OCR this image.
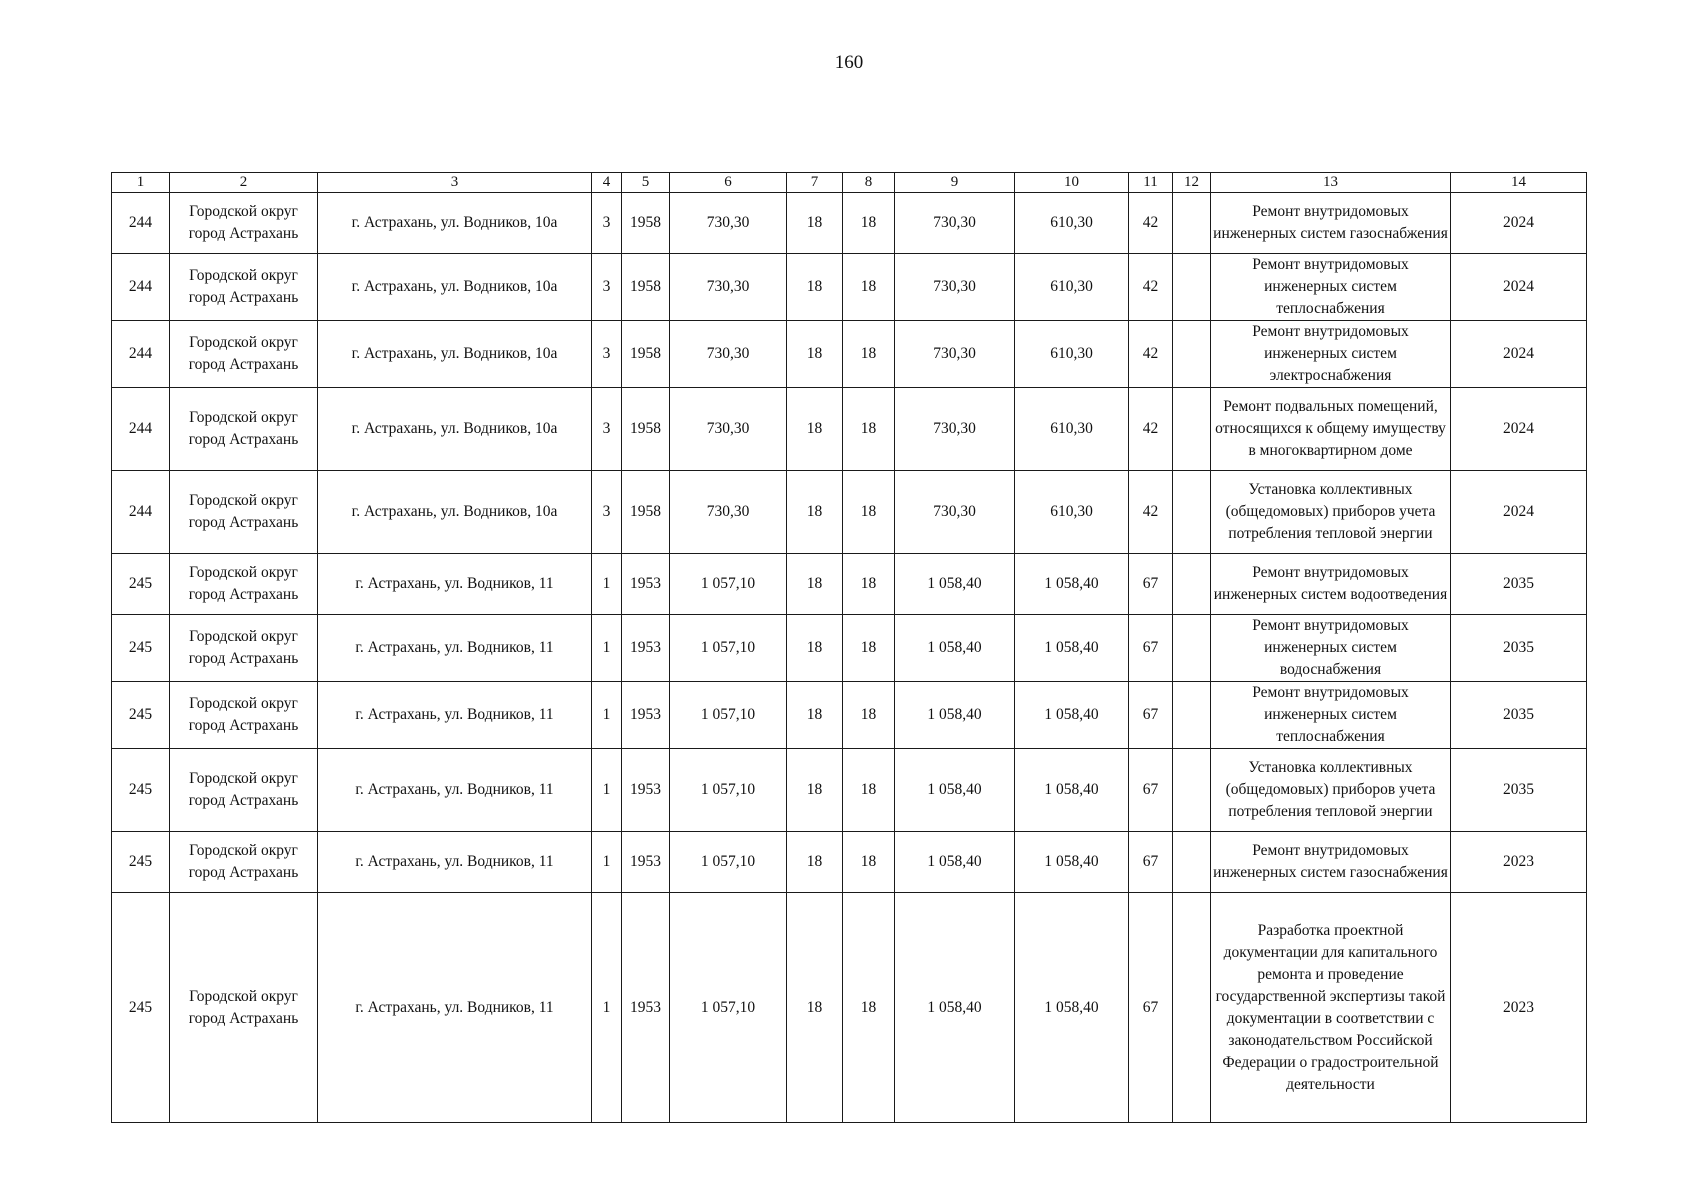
160
1	2	3	4	5	6	7	8	9	10	11	12	13	14
244	Городской округ город Астрахань	г. Астрахань, ул. Водников, 10а	3	1958	730,30	18	18	730,30	610,30	42		Ремонт внутридомовых инженерных систем газоснабжения	2024
244	Городской округ город Астрахань	г. Астрахань, ул. Водников, 10а	3	1958	730,30	18	18	730,30	610,30	42		Ремонт внутридомовых инженерных систем теплоснабжения	2024
244	Городской округ город Астрахань	г. Астрахань, ул. Водников, 10а	3	1958	730,30	18	18	730,30	610,30	42		Ремонт внутридомовых инженерных систем электроснабжения	2024
244	Городской округ город Астрахань	г. Астрахань, ул. Водников, 10а	3	1958	730,30	18	18	730,30	610,30	42		Ремонт подвальных помещений, относящихся к общему имуществу в многоквартирном доме	2024
244	Городской округ город Астрахань	г. Астрахань, ул. Водников, 10а	3	1958	730,30	18	18	730,30	610,30	42		Установка коллективных (общедомовых) приборов учета потребления тепловой энергии	2024
245	Городской округ город Астрахань	г. Астрахань, ул. Водников, 11	1	1953	1 057,10	18	18	1 058,40	1 058,40	67		Ремонт внутридомовых инженерных систем водоотведения	2035
245	Городской округ город Астрахань	г. Астрахань, ул. Водников, 11	1	1953	1 057,10	18	18	1 058,40	1 058,40	67		Ремонт внутридомовых инженерных систем водоснабжения	2035
245	Городской округ город Астрахань	г. Астрахань, ул. Водников, 11	1	1953	1 057,10	18	18	1 058,40	1 058,40	67		Ремонт внутридомовых инженерных систем теплоснабжения	2035
245	Городской округ город Астрахань	г. Астрахань, ул. Водников, 11	1	1953	1 057,10	18	18	1 058,40	1 058,40	67		Установка коллективных (общедомовых) приборов учета потребления тепловой энергии	2035
245	Городской округ город Астрахань	г. Астрахань, ул. Водников, 11	1	1953	1 057,10	18	18	1 058,40	1 058,40	67		Ремонт внутридомовых инженерных систем газоснабжения	2023
245	Городской округ город Астрахань	г. Астрахань, ул. Водников, 11	1	1953	1 057,10	18	18	1 058,40	1 058,40	67		Разработка проектной документации для капитального ремонта и проведение государственной экспертизы такой документации в соответствии с законодательством Российской Федерации о градостроительной деятельности	2023
